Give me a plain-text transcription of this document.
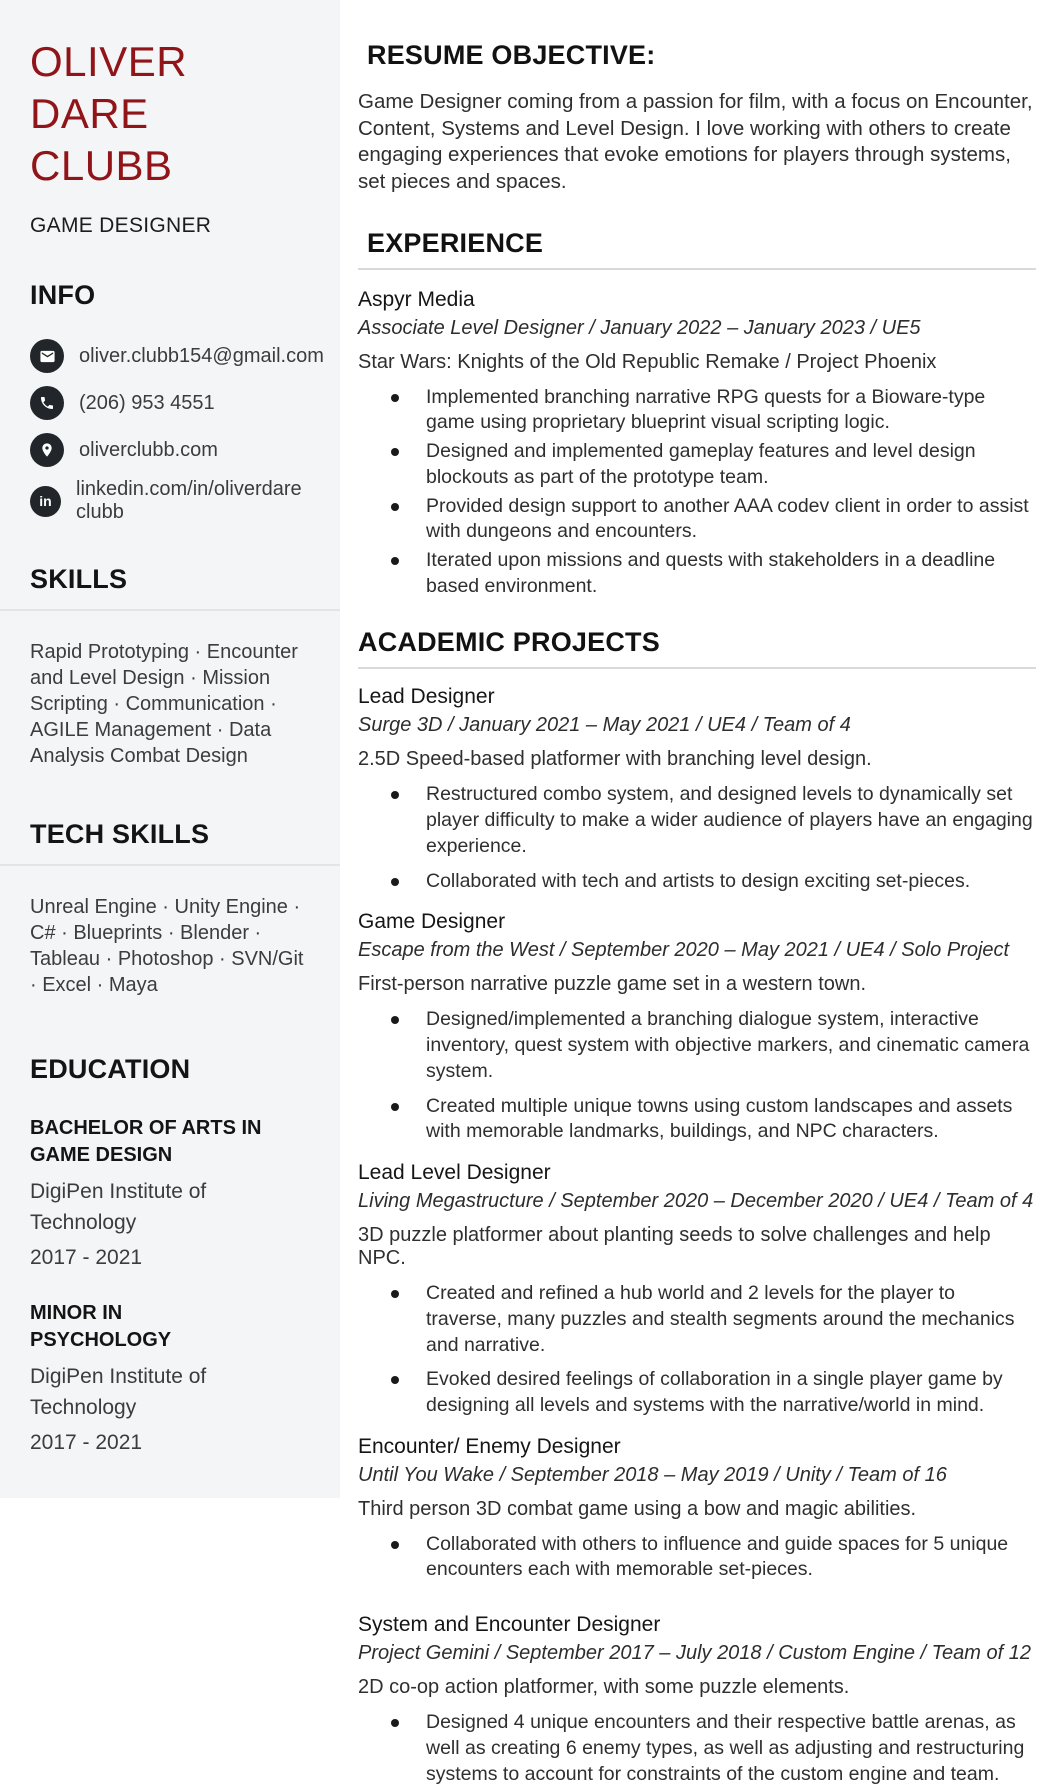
OLIVER
DARE
CLUBB
GAME DESIGNER
INFO
oliver.clubb154@gmail.com
(206) 953 4551
oliverclubb.com
in
linkedin.com/in/oliverdare clubb
SKILLS

Rapid Prototyping · Encounter and Level Design · Mission Scripting · Communication · AGILE Management · Data Analysis Combat Design

TECH SKILLS

Unreal Engine · Unity Engine · C# · Blueprints · Blender · Tableau · Photoshop · SVN/Git · Excel · Maya

EDUCATION
BACHELOR OF ARTS IN GAME DESIGN
DigiPen Institute of Technology
2017 - 2021
MINOR IN PSYCHOLOGY
DigiPen Institute of Technology
2017 - 2021
RESUME OBJECTIVE:

Game Designer coming from a passion for film, with a focus on Encounter, Content, Systems and Level Design. I love working with others to create engaging experiences that evoke emotions for players through systems, set pieces and spaces.

EXPERIENCE
Aspyr Media
Associate Level Designer / January 2022 – January 2023 / UE5
Star Wars: Knights of the Old Republic Remake / Project Phoenix
Implemented branching narrative RPG quests for a Bioware-type game using proprietary blueprint visual scripting logic.
Designed and implemented gameplay features and level design blockouts as part of the prototype team.
Provided design support to another AAA codev client in order to assist with dungeons and encounters.
Iterated upon missions and quests with stakeholders in a deadline based environment.
ACADEMIC PROJECTS
Lead Designer
Surge 3D / January 2021 – May 2021 / UE4 / Team of 4
2.5D Speed-based platformer with branching level design.
Restructured combo system, and designed levels to dynamically set player difficulty to make a wider audience of players have an engaging experience.
Collaborated with tech and artists to design exciting set-pieces.
Game Designer
Escape from the West / September 2020 – May 2021 / UE4 / Solo Project
First-person narrative puzzle game set in a western town.
Designed/implemented a branching dialogue system, interactive inventory, quest system with objective markers, and cinematic camera system.
Created multiple unique towns using custom landscapes and assets with memorable landmarks, buildings, and NPC characters.
Lead Level Designer
Living Megastructure / September 2020 – December 2020 / UE4 / Team of 4
3D puzzle platformer about planting seeds to solve challenges and help NPC.
Created and refined a hub world and 2 levels for the player to traverse, many puzzles and stealth segments around the mechanics and narrative.
Evoked desired feelings of collaboration in a single player game by designing all levels and systems with the narrative/world in mind.
Encounter/ Enemy Designer
Until You Wake / September 2018 – May 2019 / Unity / Team of 16
Third person 3D combat game using a bow and magic abilities.
Collaborated with others to influence and guide spaces for 5 unique encounters each with memorable set-pieces.
System and Encounter Designer
Project Gemini / September 2017 – July 2018 / Custom Engine / Team of 12
2D co-op action platformer, with some puzzle elements.
Designed 4 unique encounters and their respective battle arenas, as well as creating 6 enemy types, as well as adjusting and restructuring systems to account for constraints of the custom engine and team.
